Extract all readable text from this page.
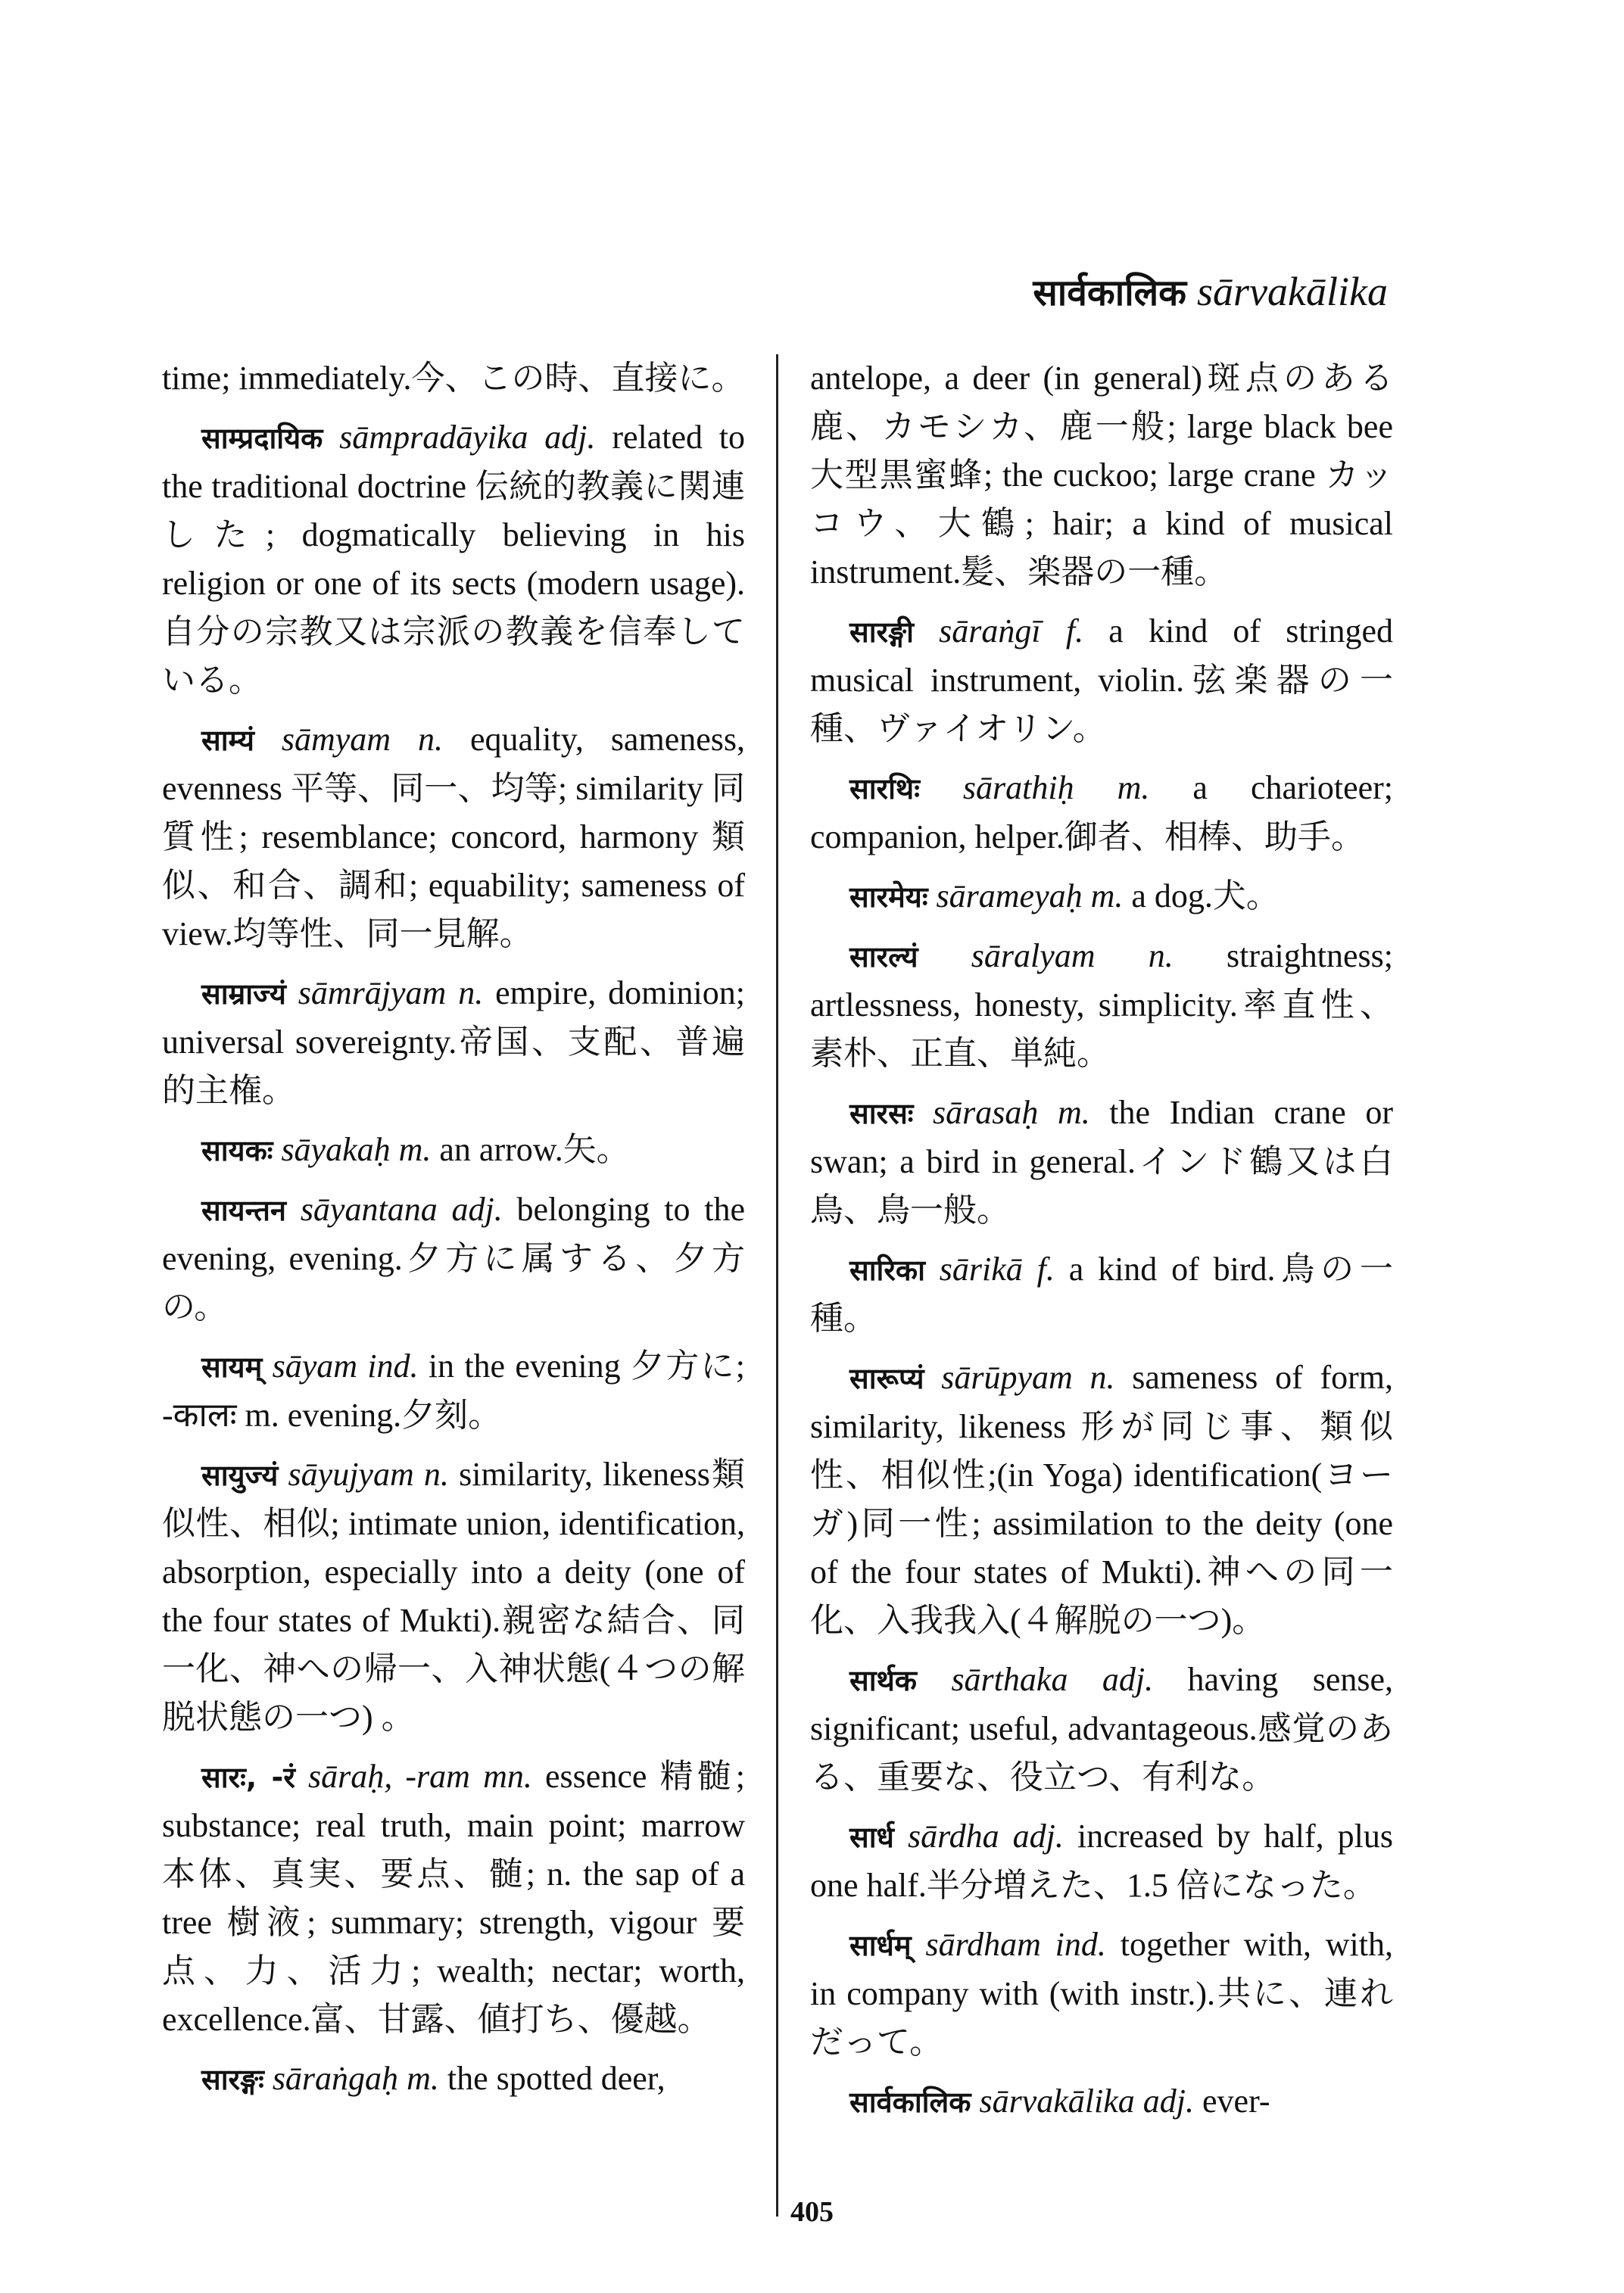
सार्वकालिक sārvakālika

time; immediately.今、この時、直接に。

साम्प्रदायिक sāmpradāyika adj. related to the traditional doctrine 伝統的教義に関連した; dogmatically believing in his religion or one of its sects (modern usage).自分の宗教又は宗派の教義を信奉している。

साम्यं sāmyam n. equality, sameness, evenness 平等、同一、均等; similarity 同質性; resemblance; concord, harmony 類似、和合、調和; equability; sameness of view.均等性、同一見解。

साम्राज्यं sāmrājyam n. empire, dominion; universal sovereignty.帝国、支配、普遍的主権。

सायकः sāyakaḥ m. an arrow.矢。

सायन्तन sāyantana adj. belonging to the evening, evening.夕方に属する、夕方の。

सायम् sāyam ind. in the evening 夕方に; -कालः m. evening.夕刻。

सायुज्यं sāyujyam n. similarity, likeness類似性、相似; intimate union, identification, absorption, especially into a deity (one of the four states of Mukti).親密な結合、同一化、神への帰一、入神状態(４つの解脱状態の一つ) 。

सारः, -रं sāraḥ, -ram mn. essence 精髄; substance; real truth, main point; marrow 本体、真実、要点、髄; n. the sap of a tree 樹液; summary; strength, vigour 要点、力、活力; wealth; nectar; worth, excellence.富、甘露、値打ち、優越。

सारङ्गः sāraṅgaḥ m. the spotted deer,

antelope, a deer (in general)斑点のある鹿、カモシカ、鹿一般; large black bee 大型黒蜜蜂; the cuckoo; large crane カッコウ、大鶴; hair; a kind of musical instrument.髪、楽器の一種。

सारङ्गी sāraṅgī f. a kind of stringed musical instrument, violin.弦楽器の一種、ヴァイオリン。

सारथिः sārathiḥ m. a charioteer; companion, helper.御者、相棒、助手。

सारमेयः sārameyaḥ m. a dog.犬。

सारल्यं sāralyam n. straightness; artlessness, honesty, simplicity.率直性、素朴、正直、単純。

सारसः sārasaḥ m. the Indian crane or swan; a bird in general.インド鶴又は白鳥、鳥一般。

सारिका sārikā f. a kind of bird.鳥の一種。

सारूप्यं sārūpyam n. sameness of form, similarity, likeness 形が同じ事、類似性、相似性;(in Yoga) identification(ヨーガ)同一性; assimilation to the deity (one of the four states of Mukti).神への同一化、入我我入(４解脱の一つ)。

सार्थक sārthaka adj. having sense, significant; useful, advantageous.感覚のある、重要な、役立つ、有利な。

सार्ध sārdha adj. increased by half, plus one half.半分増えた、1.5 倍になった。

सार्धम् sārdham ind. together with, with, in company with (with instr.).共に、連れだって。

सार्वकालिक sārvakālika adj. ever-

405
